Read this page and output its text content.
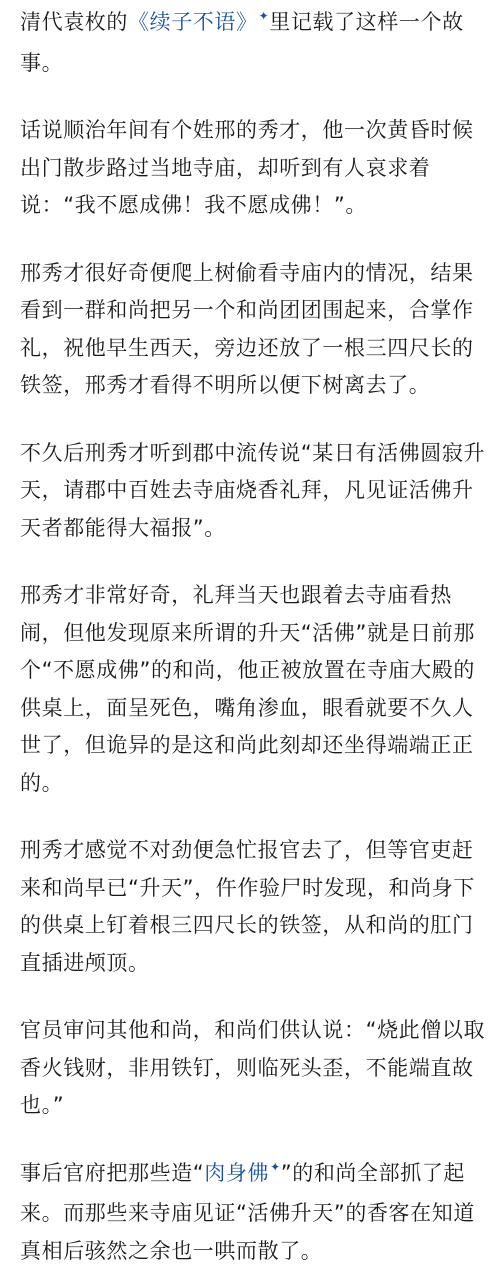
清代袁枚的《续子不语》✦里记载了这样一个故事。

话说顺治年间有个姓邢的秀才，他一次黄昏时候出门散步路过当地寺庙，却听到有人哀求着说：“我不愿成佛！我不愿成佛！”。

邢秀才很好奇便爬上树偷看寺庙内的情况，结果看到一群和尚把另一个和尚团团围起来，合掌作礼，祝他早生西天，旁边还放了一根三四尺长的铁签，邢秀才看得不明所以便下树离去了。

不久后刑秀才听到郡中流传说“某日有活佛圆寂升天，请郡中百姓去寺庙烧香礼拜，凡见证活佛升天者都能得大福报”。

邢秀才非常好奇，礼拜当天也跟着去寺庙看热闹，但他发现原来所谓的升天“活佛”就是日前那个“不愿成佛”的和尚，他正被放置在寺庙大殿的供桌上，面呈死色，嘴角渗血，眼看就要不久人世了，但诡异的是这和尚此刻却还坐得端端正正的。

刑秀才感觉不对劲便急忙报官去了，但等官吏赶来和尚早已“升天”，仵作验尸时发现，和尚身下的供桌上钉着根三四尺长的铁签，从和尚的肛门直插进颅顶。

官员审问其他和尚，和尚们供认说：“烧此僧以取香火钱财，非用铁钉，则临死头歪，不能端直故也。”

事后官府把那些造“肉身佛✦”的和尚全部抓了起来。而那些来寺庙见证“活佛升天”的香客在知道真相后骇然之余也一哄而散了。
